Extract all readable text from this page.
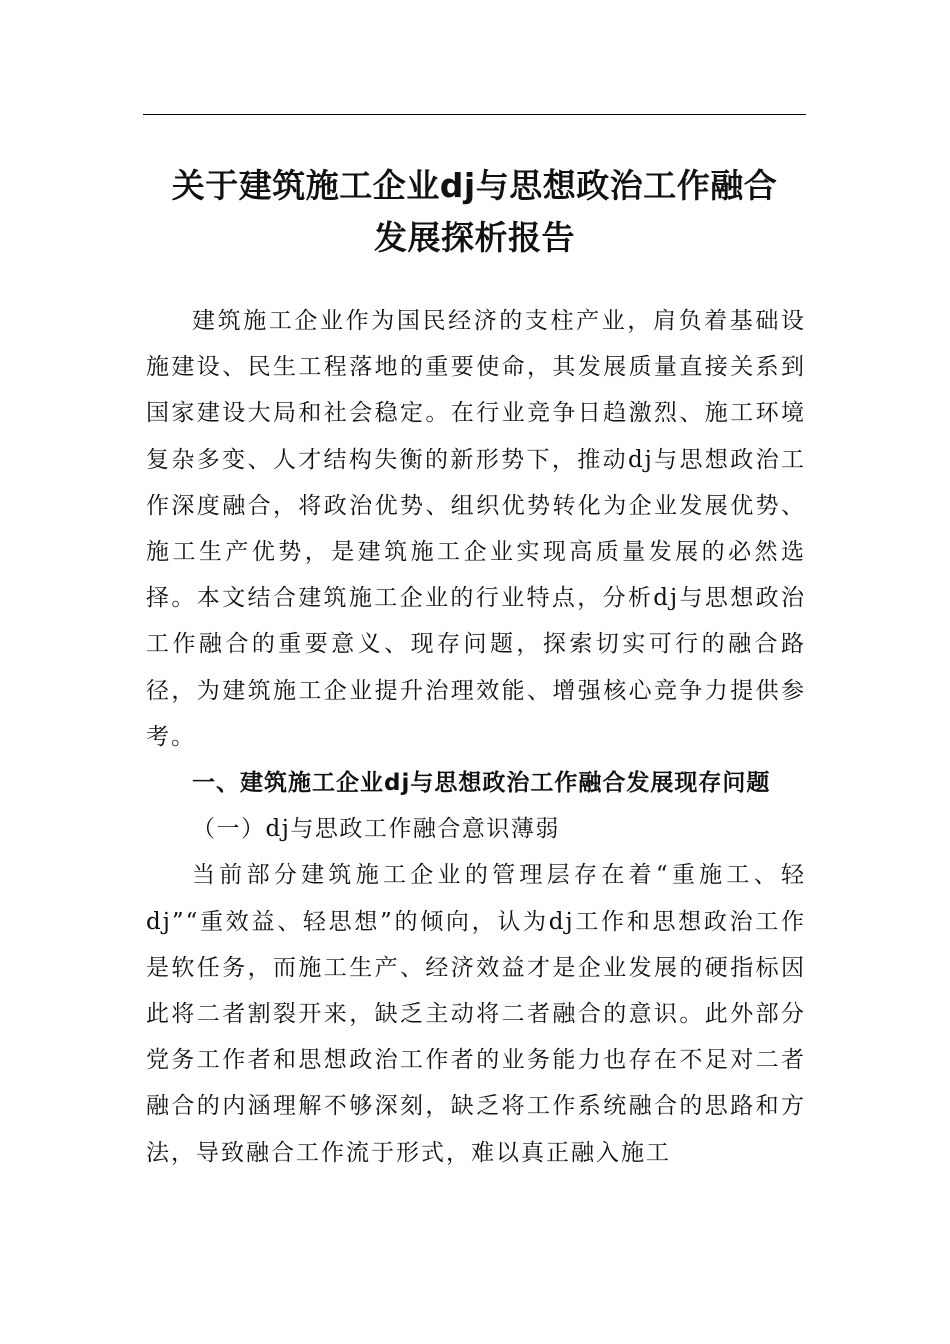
关于建筑施工企业dj与思想政治工作融合
发展探析报告

建筑施工企业作为国民经济的支柱产业，肩负着基础设施建设、民生工程落地的重要使命，其发展质量直接关系到国家建设大局和社会稳定。在行业竞争日趋激烈、施工环境复杂多变、人才结构失衡的新形势下，推动dj与思想政治工作深度融合，将政治优势、组织优势转化为企业发展优势、施工生产优势，是建筑施工企业实现高质量发展的必然选择。本文结合建筑施工企业的行业特点，分析dj与思想政治工作融合的重要意义、现存问题，探索切实可行的融合路径，为建筑施工企业提升治理效能、增强核心竞争力提供参考。

一、建筑施工企业dj与思想政治工作融合发展现存问题

（一）dj与思政工作融合意识薄弱

当前部分建筑施工企业的管理层存在着“重施工、轻dj”“重效益、轻思想”的倾向，认为dj工作和思想政治工作是软任务，而施工生产、经济效益才是企业发展的硬指标因此将二者割裂开来，缺乏主动将二者融合的意识。此外部分党务工作者和思想政治工作者的业务能力也存在不足对二者融合的内涵理解不够深刻，缺乏将工作系统融合的思路和方法，导致融合工作流于形式，难以真正融入施工
